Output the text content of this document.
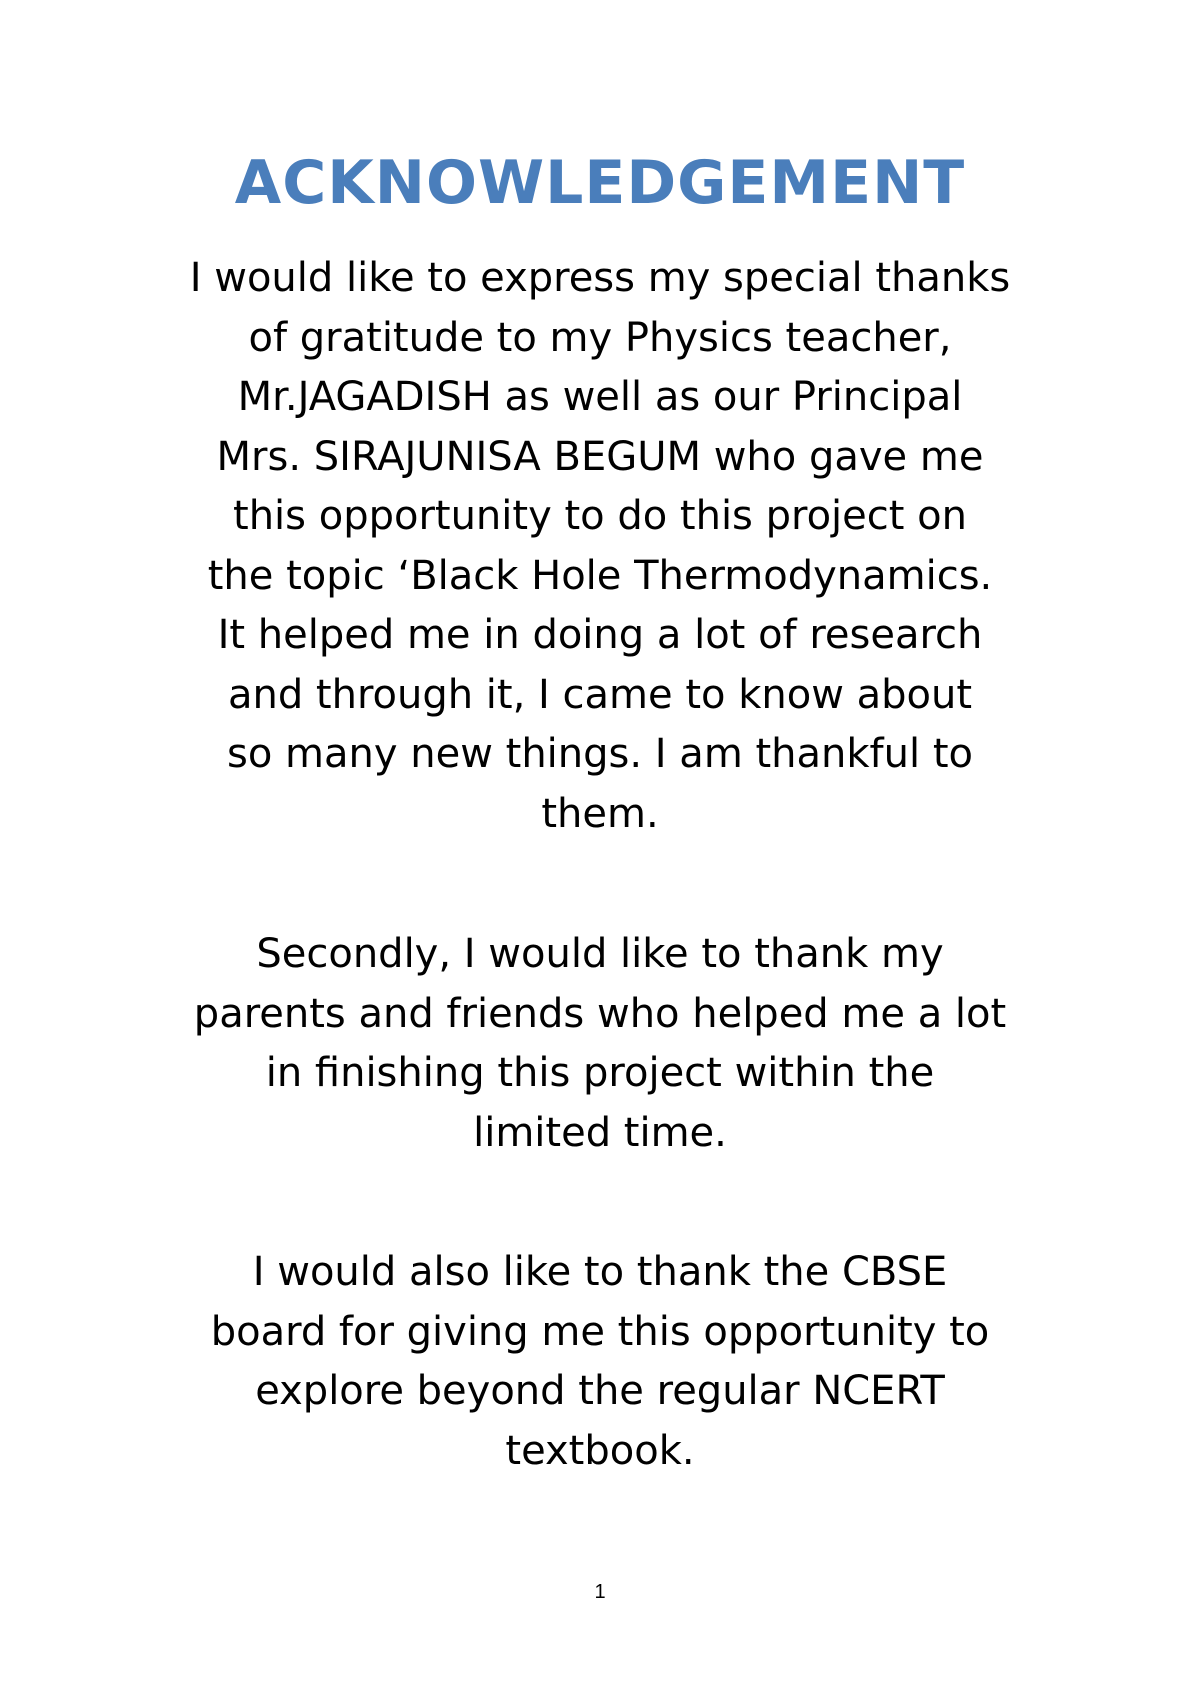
ACKNOWLEDGEMENT

I would like to express my special thanks
of gratitude to my Physics teacher,
Mr.JAGADISH as well as our Principal
Mrs. SIRAJUNISA BEGUM who gave me
this opportunity to do this project on
the topic ‘Black Hole Thermodynamics.
It helped me in doing a lot of research
and through it, I came to know about
so many new things. I am thankful to
them.

Secondly, I would like to thank my
parents and friends who helped me a lot
in finishing this project within the
limited time.

I would also like to thank the CBSE
board for giving me this opportunity to
explore beyond the regular NCERT
textbook.

1
